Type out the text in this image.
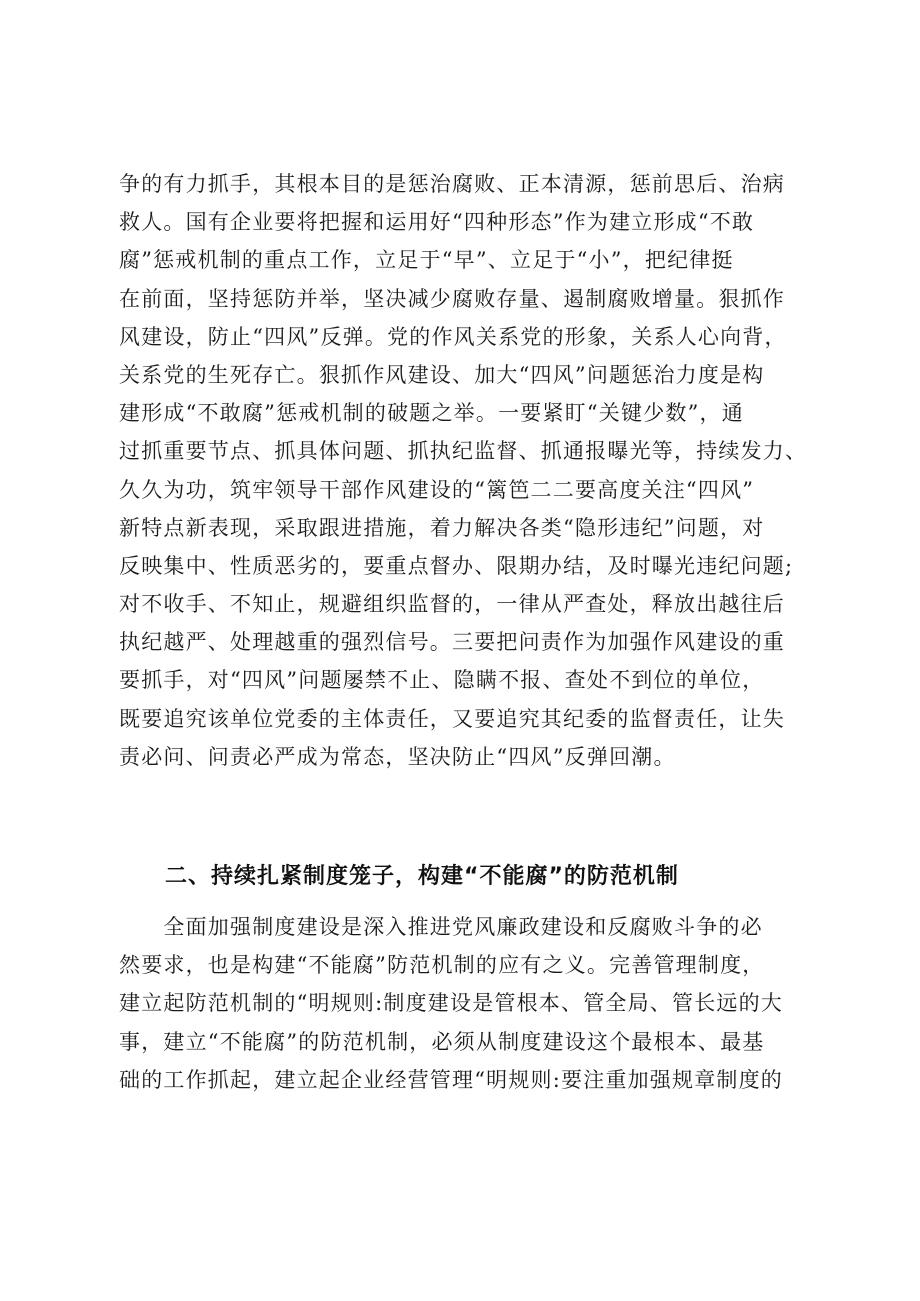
争的有力抓手，其根本目的是惩治腐败、正本清源，惩前思后、治病
救人。国有企业要将把握和运用好“四种形态”作为建立形成“不敢
腐”惩戒机制的重点工作，立足于“早”、立足于“小”，把纪律挺
在前面，坚持惩防并举，坚决减少腐败存量、遏制腐败增量。狠抓作
风建设，防止“四风”反弹。党的作风关系党的形象，关系人心向背，
关系党的生死存亡。狠抓作风建设、加大“四风”问题惩治力度是构
建形成“不敢腐”惩戒机制的破题之举。一要紧盯“关键少数”，通
过抓重要节点、抓具体问题、抓执纪监督、抓通报曝光等，持续发力、
久久为功，筑牢领导干部作风建设的“篱笆二二要高度关注“四风”
新特点新表现，采取跟进措施，着力解决各类“隐形违纪”问题，对
反映集中、性质恶劣的，要重点督办、限期办结，及时曝光违纪问题;
对不收手、不知止，规避组织监督的，一律从严查处，释放出越往后
执纪越严、处理越重的强烈信号。三要把问责作为加强作风建设的重
要抓手，对“四风”问题屡禁不止、隐瞒不报、查处不到位的单位，
既要追究该单位党委的主体责任，又要追究其纪委的监督责任，让失
责必问、问责必严成为常态，坚决防止“四风”反弹回潮。
二、持续扎紧制度笼子，构建“不能腐”的防范机制
　　全面加强制度建设是深入推进党风廉政建设和反腐败斗争的必
然要求，也是构建“不能腐”防范机制的应有之义。完善管理制度，
建立起防范机制的“明规则:制度建设是管根本、管全局、管长远的大
事，建立“不能腐”的防范机制，必须从制度建设这个最根本、最基
础的工作抓起，建立起企业经营管理“明规则:要注重加强规章制度的
